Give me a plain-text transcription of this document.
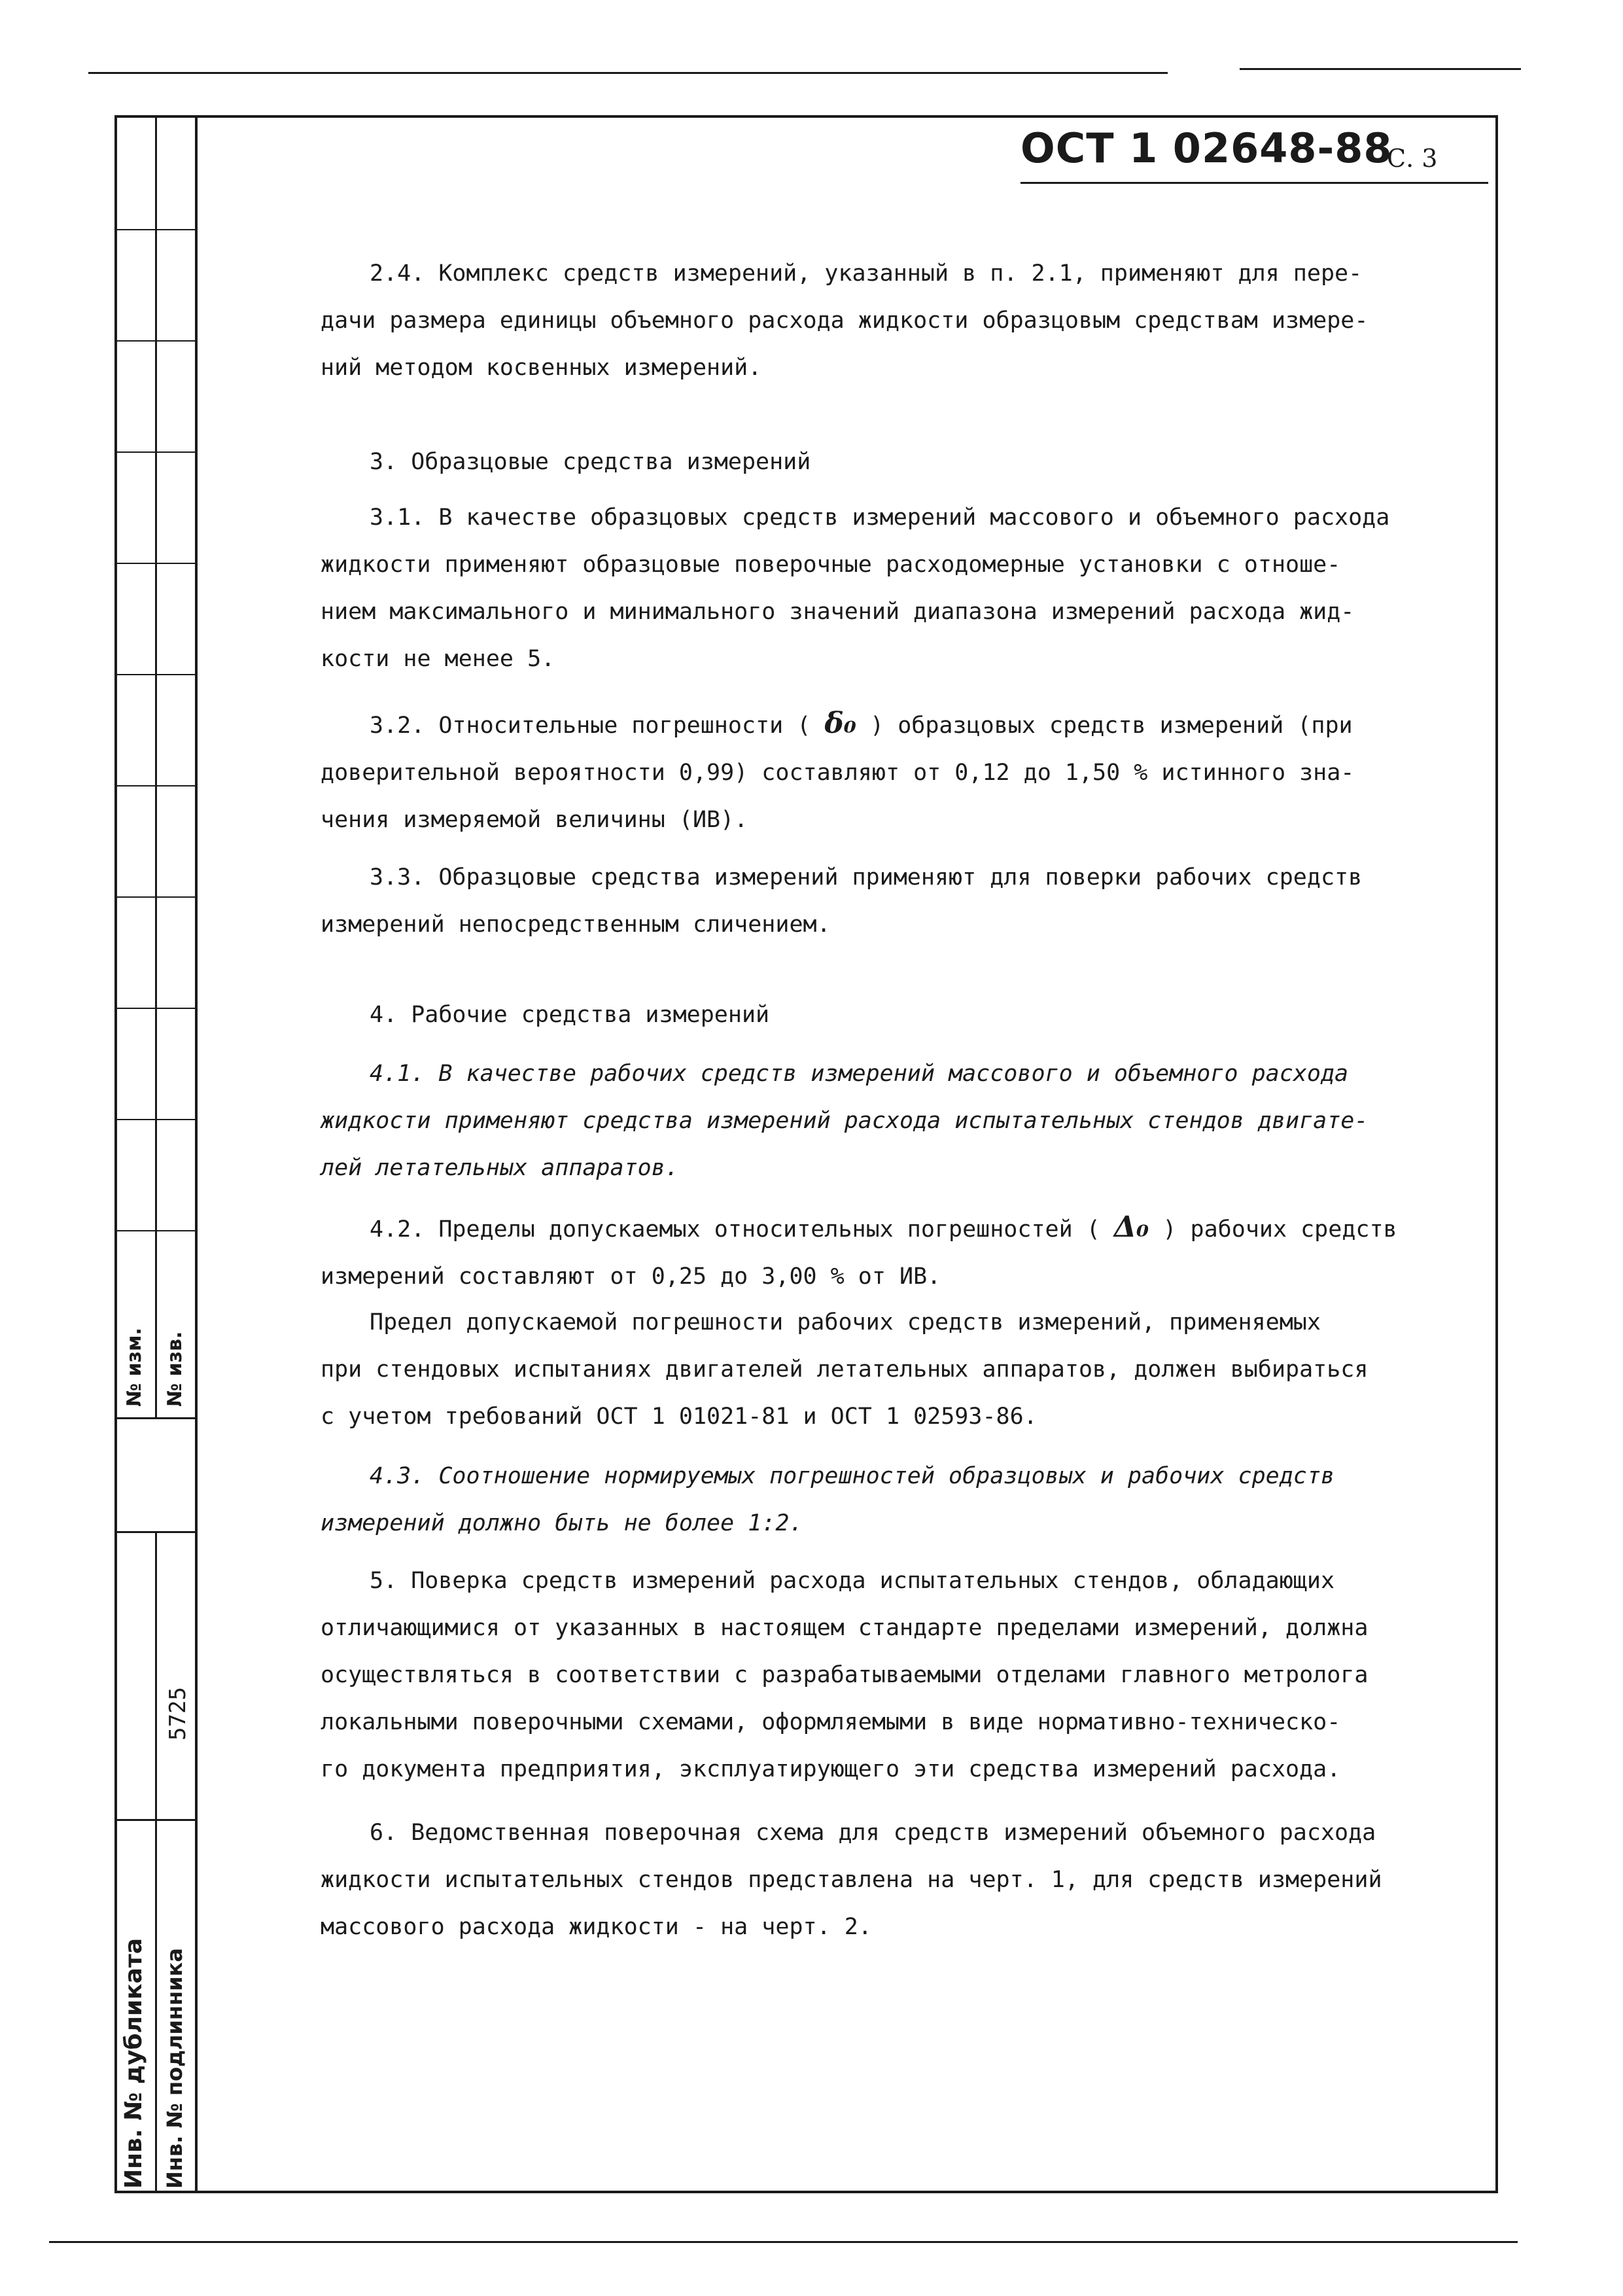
№ изм. № изв.
5725
Инв. № дубликата Инв. № подлинника
ОСТ 1 02648-88
С. 3

2.4. Комплекс средств измерений, указанный в п. 2.1, применяют для пере-
дачи размера единицы объемного расхода жидкости образцовым средствам измере-
ний методом косвенных измерений.

3. Образцовые средства измерений

3.1. В качестве образцовых средств измерений массового и объемного расхода
жидкости применяют образцовые поверочные расходомерные установки с отноше-
нием максимального и минимального значений диапазона измерений расхода жид-
кости не менее 5.

3.2. Относительные погрешности ( δ₀ ) образцовых средств измерений (при
доверительной вероятности 0,99) составляют от 0,12 до 1,50 % истинного зна-
чения измеряемой величины (ИВ).

3.3. Образцовые средства измерений применяют для поверки рабочих средств
измерений непосредственным сличением.

4. Рабочие средства измерений

4.1. В качестве рабочих средств измерений массового и объемного расхода
жидкости применяют средства измерений расхода испытательных стендов двигате-
лей летательных аппаратов.

4.2. Пределы допускаемых относительных погрешностей ( Δ₀ ) рабочих средств
измерений составляют от 0,25 до 3,00 % от ИВ.

Предел допускаемой погрешности рабочих средств измерений, применяемых
при стендовых испытаниях двигателей летательных аппаратов, должен выбираться
с учетом требований ОСТ 1 01021-81 и ОСТ 1 02593-86.

4.3. Соотношение нормируемых погрешностей образцовых и рабочих средств
измерений должно быть не более 1:2.

5. Поверка средств измерений расхода испытательных стендов, обладающих
отличающимися от указанных в настоящем стандарте пределами измерений, должна
осуществляться в соответствии с разрабатываемыми отделами главного метролога
локальными поверочными схемами, оформляемыми в виде нормативно-техническо-
го документа предприятия, эксплуатирующего эти средства измерений расхода.

6. Ведомственная поверочная схема для средств измерений объемного расхода
жидкости испытательных стендов представлена на черт. 1, для средств измерений
массового расхода жидкости - на черт. 2.
